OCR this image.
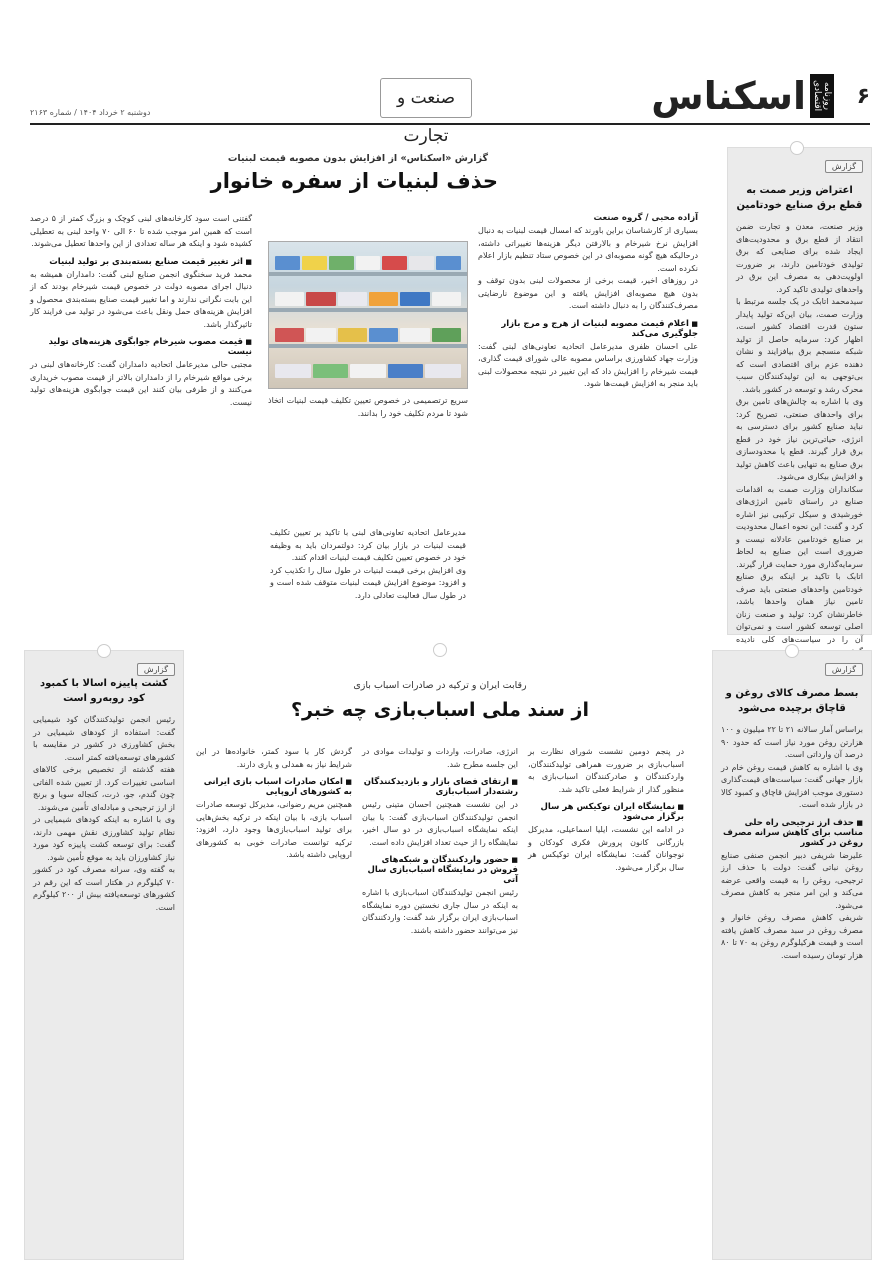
۶
روزنامه اقتصادی
اسکناس
صنعت و تجارت
دوشنبه ۲ خرداد ۱۴۰۴ / شماره ۲۱۶۳
گزارش
اعتراض وزیر صمت به قطع برق صنایع خودتامین

وزیر صنعت، معدن و تجارت ضمن انتقاد از قطع برق و محدودیت‌های ایجاد شده برای صنایعی که برق تولیدی خودتامین دارند، بر ضرورت اولویت‌دهی به مصرف این برق در واحدهای تولیدی تاکید کرد.

سیدمحمد اتابک در یک جلسه مرتبط با وزارت صمت، بیان این‌که تولید پایدار ستون قدرت اقتصاد کشور است، اظهار کرد: سرمایه حاصل از تولید شبکه منسجم برق بیافزایند و نشان دهنده عزم برای اقتصادی است که بی‌توجهی به این تولیدکنندگان سبب محرک رشد و توسعه در کشور باشد.

وی با اشاره به چالش‌های تامین برق برای واحدهای صنعتی، تصریح کرد: نباید صنایع کشور برای دسترسی به انرژی، حیاتی‌ترین نیاز خود در قطع برق قرار گیرند. قطع یا محدودسازی برق صنایع به تنهایی باعث کاهش تولید و افزایش بیکاری می‌شود.

سکانداران وزارت صمت به اقدامات صنایع در راستای تامین انرژی‌های خورشیدی و سیکل ترکیبی نیز اشاره کرد و گفت: این نحوه اعمال محدودیت بر صنایع خودتامین عادلانه نیست و ضروری است این صنایع به لحاظ سرمایه‌گذاری مورد حمایت قرار گیرند.

اتابک با تاکید بر اینکه برق صنایع خودتامین واحدهای صنعتی باید صرف تامین نیاز همان واحدها باشد، خاطرنشان کرد: تولید و صنعت زنان اصلی توسعه کشور است و نمی‌توان آن را در سیاست‌های کلی نادیده

گزارش «اسکناس» از افزایش بدون مصوبه قیمت لبنیات
حذف لبنیات از سفره خانوار
آزاده محبی / گروه صنعت

بسیاری از کارشناسان براین باورند که امسال قیمت لبنیات به دنبال افزایش نرخ شیرخام و بالارفتن دیگر هزینه‌ها تغییراتی داشته، درحالیکه هیچ گونه مصوبه‌ای در این خصوص ستاد تنظیم بازار اعلام نکرده است.

در روزهای اخیر، قیمت برخی از محصولات لبنی بدون توقف و بدون هیچ مصوبه‌ای افزایش یافته و این موضوع نارضایتی مصرف‌کنندگان را به دنبال داشته است.

■ اعلام قیمت مصوبه لبنیات از هرج و مرج بازار جلوگیری می‌کند

علی احسان ظفری مدیرعامل اتحادیه تعاونی‌های لبنی گفت: وزارت جهاد کشاورزی براساس مصوبه عالی شورای قیمت گذاری، قیمت شیرخام را افزایش داد که این تغییر در نتیجه محصولات لبنی باید منجر به افزایش قیمت‌ها شود.

سریع ترتصمیمی در خصوص تعیین تکلیف قیمت لبنیات اتخاذ شود تا مردم تکلیف خود را بدانند.

مدیرعامل اتحادیه تعاونی‌های لبنی با تاکید بر تعیین تکلیف قیمت لبنیات در بازار بیان کرد: دولتمردان باید به وظیفه خود در خصوص تعیین تکلیف قیمت لبنیات اقدام کنند.

وی افزایش برخی قیمت لبنیات در طول سال را تکذیب کرد و افزود: موضوع افزایش قیمت لبنیات متوقف شده است و در طول سال فعالیت تعادلی دارد.

گفتنی است سود کارخانه‌های لبنی کوچک و بزرگ کمتر از ۵ درصد است که همین امر موجب شده تا ۶۰ الی ۷۰ واحد لبنی به تعطیلی کشیده شود و اینکه هر ساله تعدادی از این واحدها تعطیل می‌شوند.

■ اثر تغییر قیمت صنایع بسته‌بندی بر تولید لبنیات

محمد فرید سخنگوی انجمن صنایع لبنی گفت: دامداران همیشه به دنبال اجرای مصوبه دولت در خصوص قیمت شیرخام بودند که از این بابت نگرانی ندارند و اما تغییر قیمت صنایع بسته‌بندی محصول و افزایش هزینه‌های حمل ونقل باعث می‌شود در تولید می فرایند کار تاثیرگذار باشد.

■ قیمت مصوب شیرخام جوابگوی هزینه‌های تولید نیست

مجتبی حالی مدیرعامل اتحادیه دامداران گفت: کارخانه‌های لبنی در برخی مواقع شیرخام را از دامداران بالاتر از قیمت مصوب خریداری می‌کنند و از طرفی بیان کنند این قیمت جوابگوی هزینه‌های تولید نیست.

گزارش
بسط مصرف کالای روغن و قاچاق برچیده می‌شود

براساس آمار سالانه ۲۱ تا ۲۲ میلیون و ۱۰۰ هزارتن روغن مورد نیاز است که حدود ۹۰ درصد آن وارداتی است.

وی با اشاره به کاهش قیمت روغن خام در بازار جهانی گفت: سیاست‌های قیمت‌گذاری دستوری موجب افزایش قاچاق و کمبود کالا در بازار شده است.

■ حذف ارز ترجیحی راه حلی مناسب برای کاهش سرانه مصرف روغن در کشور

علیرضا شریفی دبیر انجمن صنفی صنایع روغن نباتی گفت: دولت با حذف ارز ترجیحی، روغن را به قیمت واقعی عرضه می‌کند و این امر منجر به کاهش مصرف می‌شود.

شریفی کاهش مصرف روغن خانوار و مصرف روغن در سبد مصرف کاهش یافته است و قیمت هرکیلوگرم روغن به ۷۰ تا ۸۰ هزار تومان رسیده است.

رقابت ایران و ترکیه در صادرات اسباب بازی
از سند ملی اسباب‌بازی چه خبر؟

در پنجم دومین نشست شورای نظارت بر اسباب‌بازی بر ضرورت همراهی تولیدکنندگان، واردکنندگان و صادرکنندگان اسباب‌بازی به منظور گذار از شرایط فعلی تاکید شد.

■ نمایشگاه ایران توکیکس هر سال برگزار می‌شود

در ادامه این نشست، ایلیا اسماعیلی، مدیرکل بازرگانی کانون پرورش فکری کودکان و نوجوانان گفت: نمایشگاه ایران توکیکس هر سال برگزار می‌شود.

انرژی، صادرات، واردات و تولیدات موادی در این جلسه مطرح شد.

■ ارتقای فضای بازار و بازدیدکنندگان رشته‌دار اسباب‌بازی

در این نشست همچنین احسان متینی رئیس انجمن تولیدکنندگان اسباب‌بازی گفت: با بیان اینکه نمایشگاه اسباب‌بازی در دو سال اخیر، نمایشگاه را از حیث تعداد افزایش داده است.

■ حضور واردکنندگان و شبکه‌های فروش در نمایشگاه اسباب‌بازی سال آتی

رئیس انجمن تولیدکنندگان اسباب‌بازی با اشاره به اینکه در سال جاری نخستین دوره نمایشگاه اسباب‌بازی ایران برگزار شد گفت: واردکنندگان نیز می‌توانند حضور داشته باشند.

گردش کار با سود کمتر، خانواده‌ها در این شرایط نیاز به همدلی و یاری دارند.

■ امکان صادرات اسباب بازی ایرانی به کشورهای اروپایی

همچنین مریم رضوانی، مدیرکل توسعه صادرات اسباب بازی، با بیان اینکه در ترکیه بخش‌هایی برای تولید اسباب‌بازی‌ها وجود دارد، افزود: ترکیه توانست صادرات خوبی به کشورهای اروپایی داشته باشد.

گزارش
کشت پاییزه اسالا با کمبود کود روبه‌رو است

رئیس انجمن تولیدکنندگان کود شیمیایی گفت: استفاده از کودهای شیمیایی در بخش کشاورزی در کشور در مقایسه با کشورهای توسعه‌یافته کمتر است.

هفته گذشته از تخصیص برخی کالاهای اساسی تغییرات کرد. از تعیین شده الفاتی چون گندم، جو، ذرت، کنجاله سویا و برنج از ارز ترجیحی و مبادله‌ای تأمین می‌شوند.

وی با اشاره به اینکه کودهای شیمیایی در نظام تولید کشاورزی نقش مهمی دارند، گفت: برای توسعه کشت پاییزه کود مورد نیاز کشاورزان باید به موقع تأمین شود.

به گفته وی، سرانه مصرف کود در کشور ۷۰ کیلوگرم در هکتار است که این رقم در کشورهای توسعه‌یافته بیش از ۲۰۰ کیلوگرم است.
